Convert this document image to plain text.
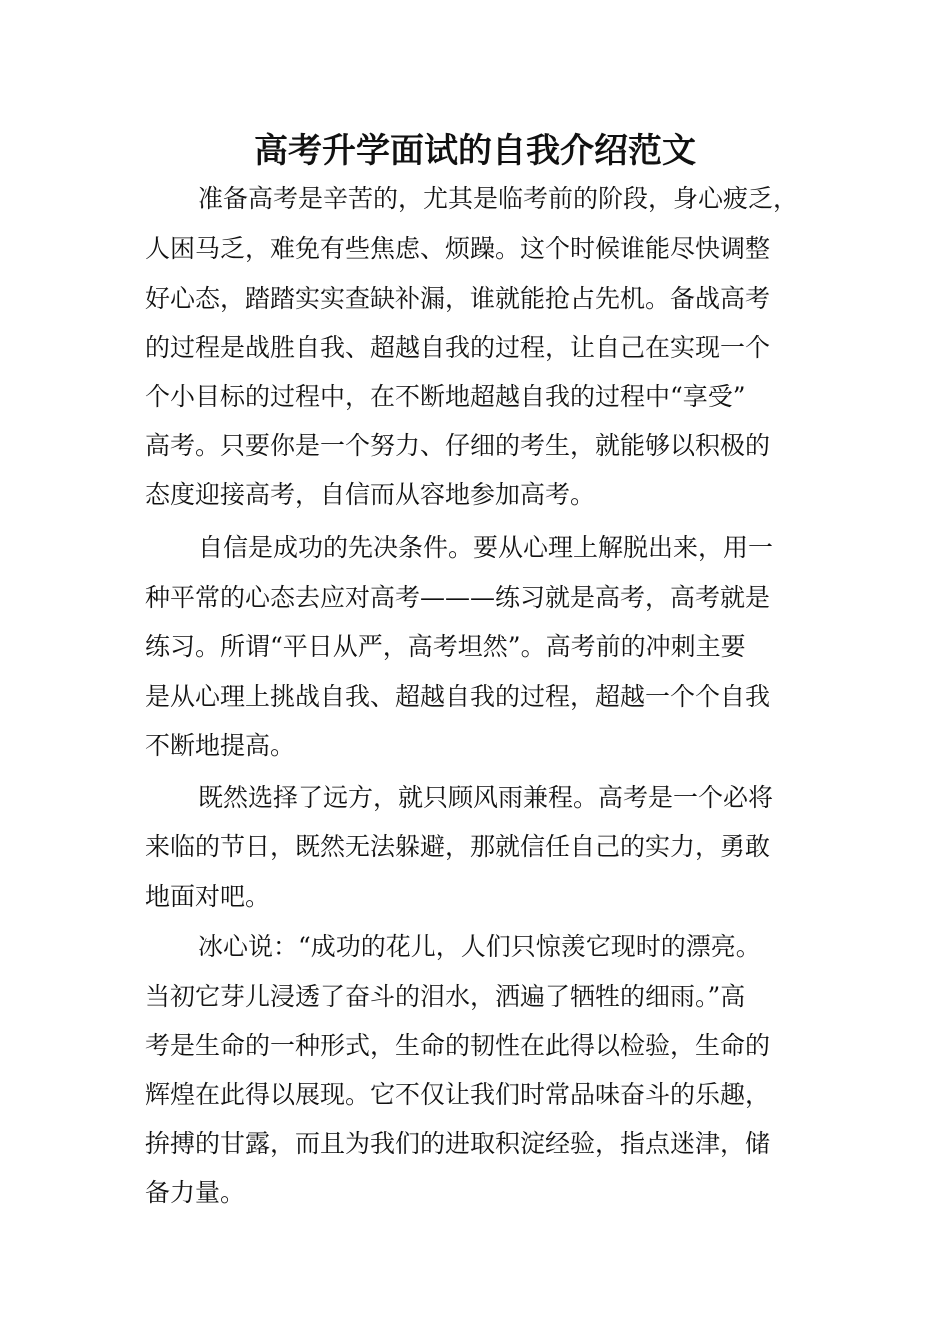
高考升学面试的自我介绍范文
准备高考是辛苦的，尤其是临考前的阶段，身心疲乏，
人困马乏，难免有些焦虑、烦躁。这个时候谁能尽快调整
好心态，踏踏实实查缺补漏，谁就能抢占先机。备战高考
的过程是战胜自我、超越自我的过程，让自己在实现一个
个小目标的过程中，在不断地超越自我的过程中“享受”
高考。只要你是一个努力、仔细的考生，就能够以积极的
态度迎接高考，自信而从容地参加高考。
自信是成功的先决条件。要从心理上解脱出来，用一
种平常的心态去应对高考———练习就是高考，高考就是
练习。所谓“平日从严，高考坦然”。高考前的冲刺主要
是从心理上挑战自我、超越自我的过程，超越一个个自我
不断地提高。
既然选择了远方，就只顾风雨兼程。高考是一个必将
来临的节日，既然无法躲避，那就信任自己的实力，勇敢
地面对吧。
冰心说：“成功的花儿，人们只惊羡它现时的漂亮。
当初它芽儿浸透了奋斗的泪水，洒遍了牺牲的细雨。”高
考是生命的一种形式，生命的韧性在此得以检验，生命的
辉煌在此得以展现。它不仅让我们时常品味奋斗的乐趣，
拚搏的甘露，而且为我们的进取积淀经验，指点迷津，储
备力量。
